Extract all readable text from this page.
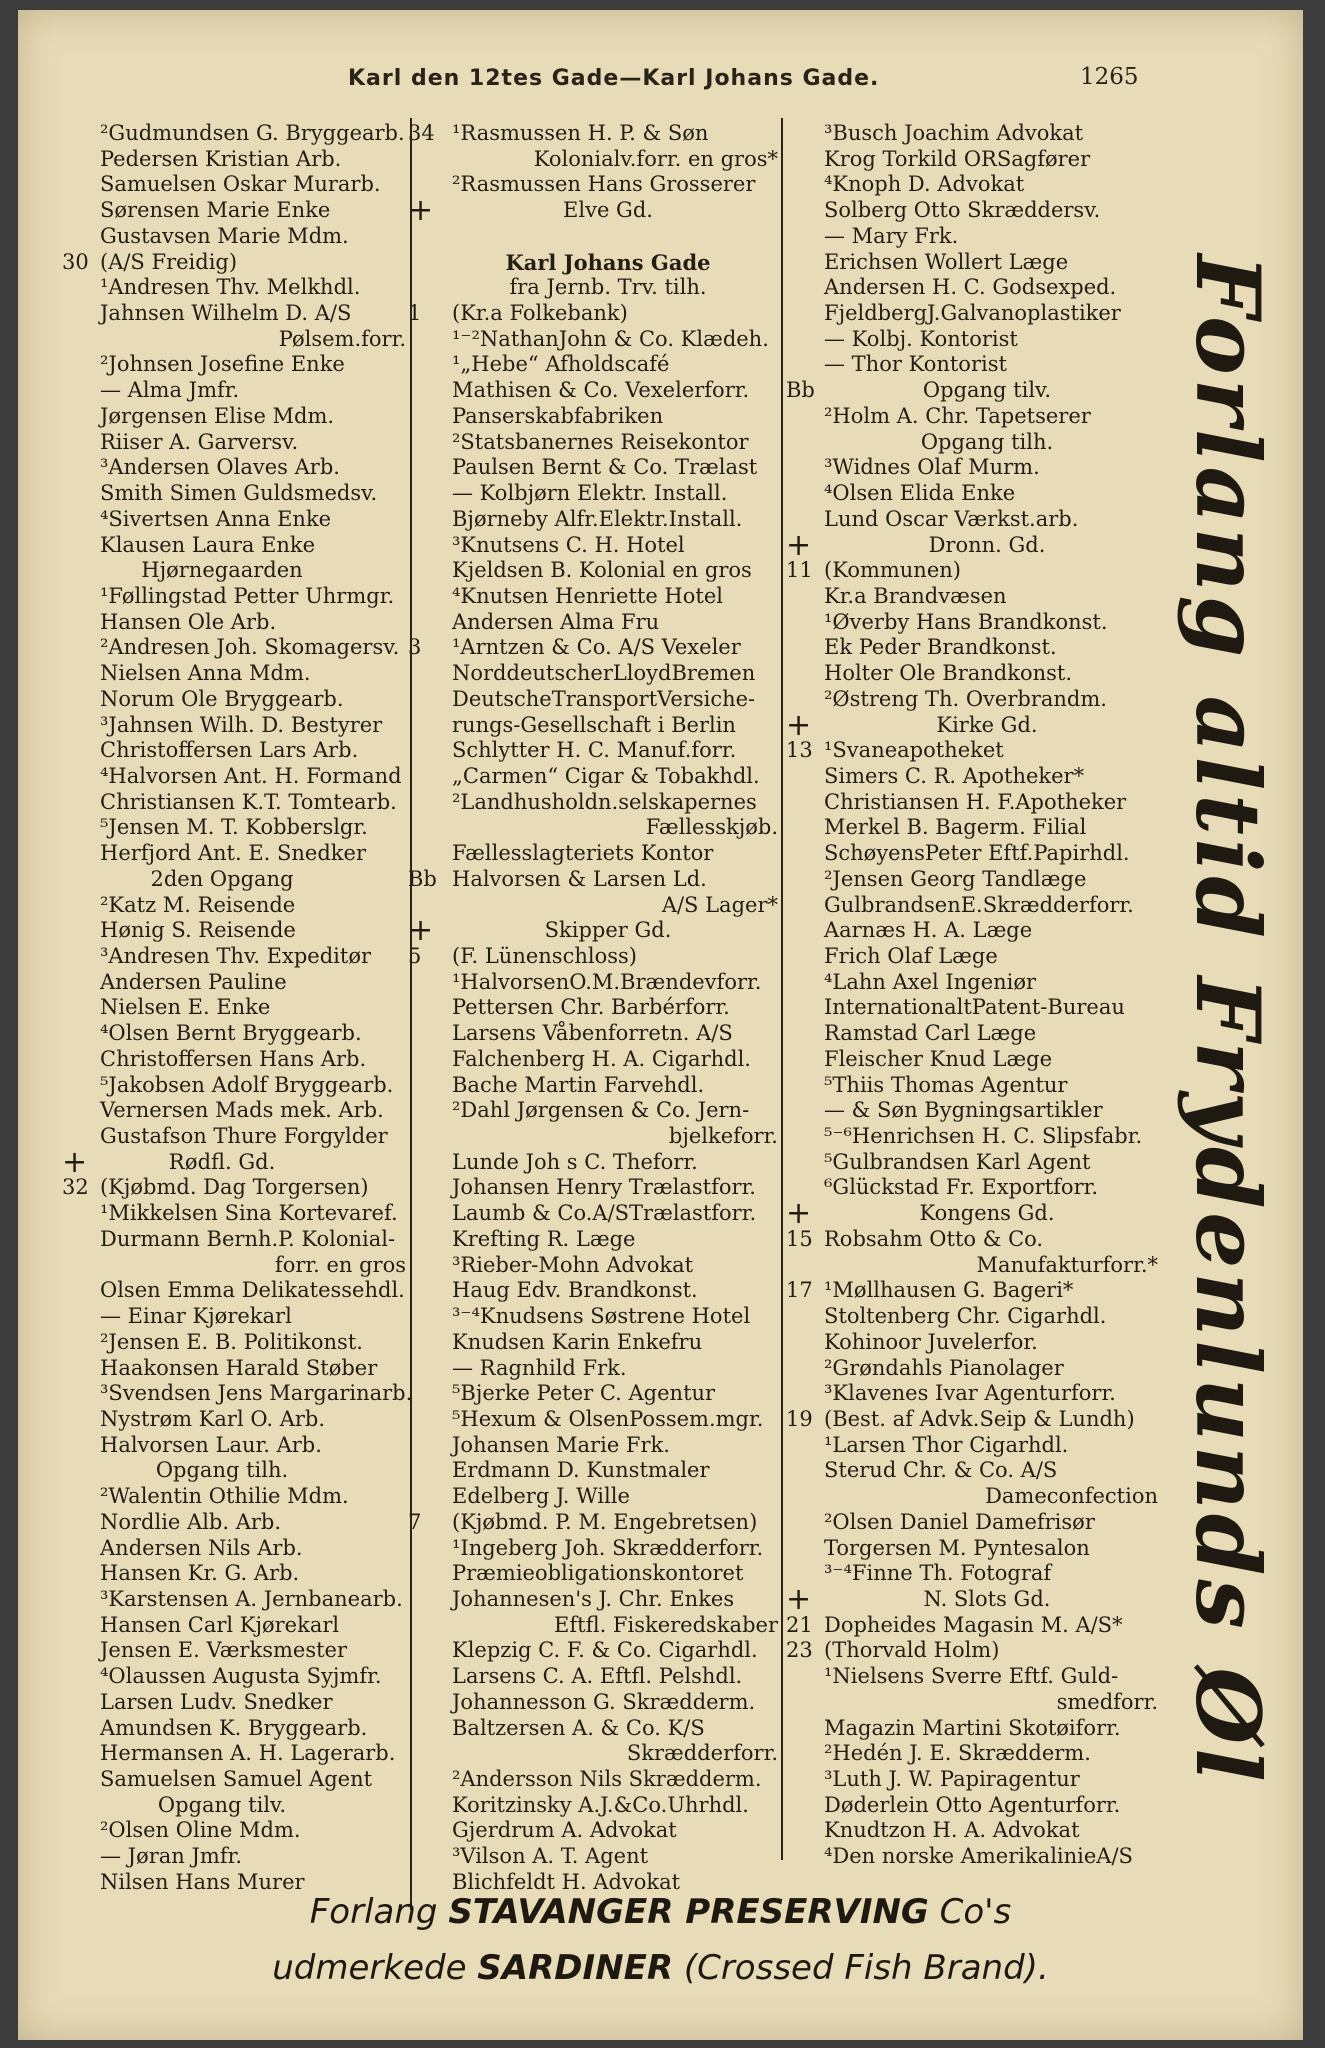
Karl den 12tes Gade—Karl Johans Gade.	1265
²Gudmundsen G. Bryggearb.
Pedersen Kristian Arb.
Samuelsen Oskar Murarb.
Sørensen Marie Enke
Gustavsen Marie Mdm.
30 (A/S Freidig)
¹Andresen Thv. Melkhdl.
Jahnsen Wilhelm D. A/S
Pølsem.forr.
²Johnsen Josefine Enke
— Alma Jmfr.
Jørgensen Elise Mdm.
Riiser A. Garversv.
³Andersen Olaves Arb.
Smith Simen Guldsmedsv.
⁴Sivertsen Anna Enke
Klausen Laura Enke
Hjørnegaarden
¹Føllingstad Petter Uhrmgr.
Hansen Ole Arb.
²Andresen Joh. Skomagersv.
Nielsen Anna Mdm.
Norum Ole Bryggearb.
³Jahnsen Wilh. D. Bestyrer
Christoffersen Lars Arb.
⁴Halvorsen Ant. H. Formand
Christiansen K.T. Tomtearb.
⁵Jensen M. T. Kobberslgr.
Herfjord Ant. E. Snedker
2den Opgang
²Katz M. Reisende
Hønig S. Reisende
³Andresen Thv. Expeditør
Andersen Pauline
Nielsen E. Enke
⁴Olsen Bernt Bryggearb.
Christoffersen Hans Arb.
⁵Jakobsen Adolf Bryggearb.
Vernersen Mads mek. Arb.
Gustafson Thure Forgylder
+	Rødfl. Gd.
32 (Kjøbmd. Dag Torgersen)
¹Mikkelsen Sina Kortevaref.
Durmann Bernh.P. Kolonial-
forr. en gros
Olsen Emma Delikatessehdl.
— Einar Kjørekarl
²Jensen E. B. Politikonst.
Haakonsen Harald Støber
³Svendsen Jens Margarinarb.
Nystrøm Karl O. Arb.
Halvorsen Laur. Arb.
Opgang tilh.
²Walentin Othilie Mdm.
Nordlie Alb. Arb.
Andersen Nils Arb.
Hansen Kr. G. Arb.
³Karstensen A. Jernbanearb.
Hansen Carl Kjørekarl
Jensen E. Værksmester
⁴Olaussen Augusta Syjmfr.
Larsen Ludv. Snedker
Amundsen K. Bryggearb.
Hermansen A. H. Lagerarb.
Samuelsen Samuel Agent
Opgang tilv.
²Olsen Oline Mdm.
— Jøran Jmfr.
Nilsen Hans Murer
34 ¹Rasmussen H. P. & Søn
Kolonialv.forr. en gros*
²Rasmussen Hans Grosserer
+	Elve Gd.
Karl Johans Gade
fra Jernb. Trv. tilh.
1 (Kr.a Folkebank)
¹⁻²NathanJohn & Co. Klædeh.
¹„Hebe“ Afholdscafé
Mathisen & Co. Vexelerforr.
Panserskabfabriken
²Statsbanernes Reisekontor
Paulsen Bernt & Co. Trælast
— Kolbjørn Elektr. Install.
Bjørneby Alfr.Elektr.Install.
³Knutsens C. H. Hotel
Kjeldsen B. Kolonial en gros
⁴Knutsen Henriette Hotel
Andersen Alma Fru
3 ¹Arntzen & Co. A/S Vexeler
NorddeutscherLloydBremen
DeutscheTransportVersiche-
rungs-Gesellschaft i Berlin
Schlytter H. C. Manuf.forr.
„Carmen“ Cigar & Tobakhdl.
²Landhusholdn.selskapernes
Fællesskjøb.
Fællesslagteriets Kontor
Bb Halvorsen & Larsen Ld.
A/S Lager*
+	Skipper Gd.
5 (F. Lünenschloss)
¹HalvorsenO.M.Brændevforr.
Pettersen Chr. Barbérforr.
Larsens Våbenforretn. A/S
Falchenberg H. A. Cigarhdl.
Bache Martin Farvehdl.
²Dahl Jørgensen & Co. Jern-
bjelkeforr.
Lunde Joh s C. Theforr.
Johansen Henry Trælastforr.
Laumb & Co.A/STrælastforr.
Krefting R. Læge
³Rieber-Mohn Advokat
Haug Edv. Brandkonst.
³⁻⁴Knudsens Søstrene Hotel
Knudsen Karin Enkefru
— Ragnhild Frk.
⁵Bjerke Peter C. Agentur
⁵Hexum & OlsenPossem.mgr.
Johansen Marie Frk.
Erdmann D. Kunstmaler
Edelberg J. Wille
7 (Kjøbmd. P. M. Engebretsen)
¹Ingeberg Joh. Skrædderforr.
Præmieobligationskontoret
Johannesen's J. Chr. Enkes
Eftfl. Fiskeredskaber
Klepzig C. F. & Co. Cigarhdl.
Larsens C. A. Eftfl. Pelshdl.
Johannesson G. Skrædderm.
Baltzersen A. & Co. K/S
Skrædderforr.
²Andersson Nils Skrædderm.
Koritzinsky A.J.&Co.Uhrhdl.
Gjerdrum A. Advokat
³Vilson A. T. Agent
Blichfeldt H. Advokat
³Busch Joachim Advokat
Krog Torkild ORSagfører
⁴Knoph D. Advokat
Solberg Otto Skræddersv.
— Mary Frk.
Erichsen Wollert Læge
Andersen H. C. Godsexped.
FjeldbergJ.Galvanoplastiker
— Kolbj. Kontorist
— Thor Kontorist
Bb	Opgang tilv.
²Holm A. Chr. Tapetserer
Opgang tilh.
³Widnes Olaf Murm.
⁴Olsen Elida Enke
Lund Oscar Værkst.arb.
+	Dronn. Gd.
11 (Kommunen)
Kr.a Brandvæsen
¹Øverby Hans Brandkonst.
Ek Peder Brandkonst.
Holter Ole Brandkonst.
²Østreng Th. Overbrandm.
+	Kirke Gd.
13 ¹Svaneapotheket
Simers C. R. Apotheker*
Christiansen H. F.Apotheker
Merkel B. Bagerm. Filial
SchøyensPeter Eftf.Papirhdl.
²Jensen Georg Tandlæge
GulbrandsenE.Skrædderforr.
Aarnæs H. A. Læge
Frich Olaf Læge
⁴Lahn Axel Ingeniør
InternationaltPatent-Bureau
Ramstad Carl Læge
Fleischer Knud Læge
⁵Thiis Thomas Agentur
— & Søn Bygningsartikler
⁵⁻⁶Henrichsen H. C. Slipsfabr.
⁵Gulbrandsen Karl Agent
⁶Glückstad Fr. Exportforr.
+	Kongens Gd.
15 Robsahm Otto & Co.
Manufakturforr.*
17 ¹Møllhausen G. Bageri*
Stoltenberg Chr. Cigarhdl.
Kohinoor Juvelerfor.
²Grøndahls Pianolager
³Klavenes Ivar Agenturforr.
19 (Best. af Advk.Seip & Lundh)
¹Larsen Thor Cigarhdl.
Sterud Chr. & Co. A/S
Dameconfection
²Olsen Daniel Damefrisør
Torgersen M. Pyntesalon
³⁻⁴Finne Th. Fotograf
+	N. Slots Gd.
21 Dopheides Magasin M. A/S*
23 (Thorvald Holm)
¹Nielsens Sverre Eftf. Guld-
smedforr.
Magazin Martini Skotøiforr.
²Hedén J. E. Skrædderm.
³Luth J. W. Papiragentur
Døderlein Otto Agenturforr.
Knudtzon H. A. Advokat
⁴Den norske AmerikalinieA/S
Forlang altid Frydenlunds Øl
Forlang STAVANGER PRESERVING Co's
udmerkede SARDINER (Crossed Fish Brand).
